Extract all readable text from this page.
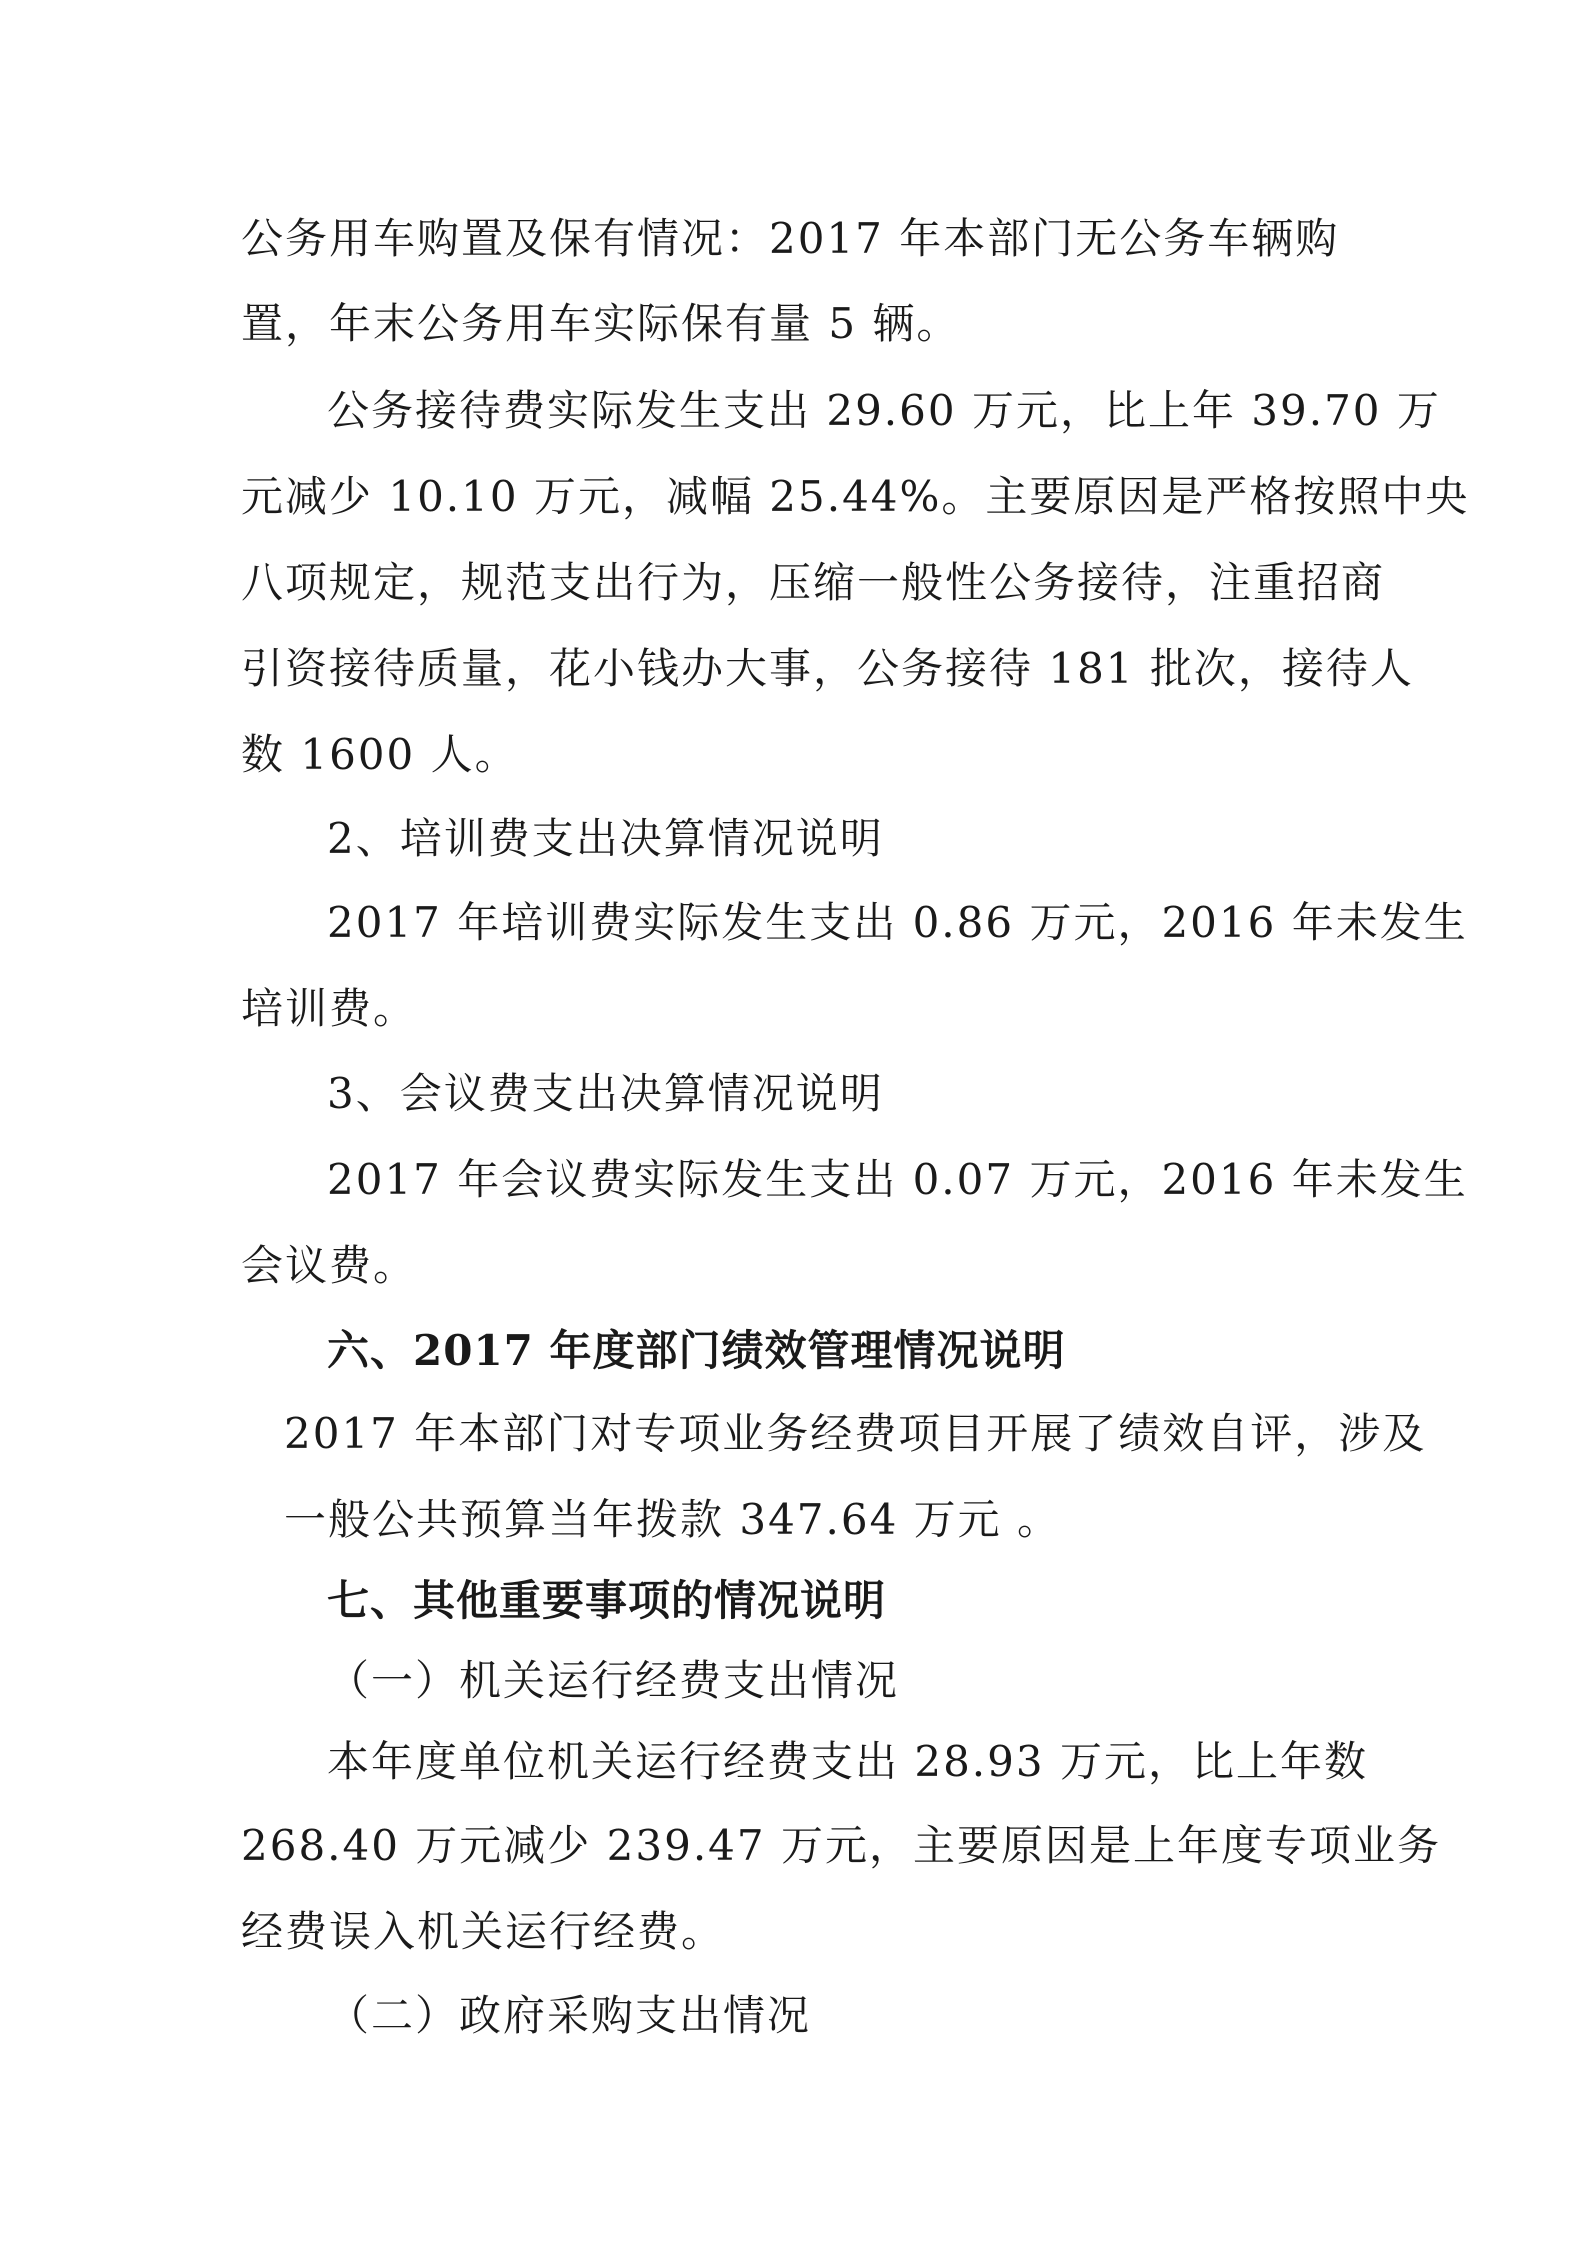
公务用车购置及保有情况：2017 年本部门无公务车辆购
置，年末公务用车实际保有量 5 辆。
公务接待费实际发生支出 29.60 万元，比上年 39.70 万
元减少 10.10 万元，减幅 25.44%。主要原因是严格按照中央
八项规定，规范支出行为，压缩一般性公务接待，注重招商
引资接待质量，花小钱办大事，公务接待 181 批次，接待人
数 1600 人。
2、培训费支出决算情况说明
2017 年培训费实际发生支出 0.86 万元，2016 年未发生
培训费。
3、会议费支出决算情况说明
2017 年会议费实际发生支出 0.07 万元，2016 年未发生
会议费。
六、2017 年度部门绩效管理情况说明
2017 年本部门对专项业务经费项目开展了绩效自评，涉及
一般公共预算当年拨款 347.64 万元 。
七、其他重要事项的情况说明
（一）机关运行经费支出情况
本年度单位机关运行经费支出 28.93 万元，比上年数
268.40 万元减少 239.47 万元，主要原因是上年度专项业务
经费误入机关运行经费。
（二）政府采购支出情况
